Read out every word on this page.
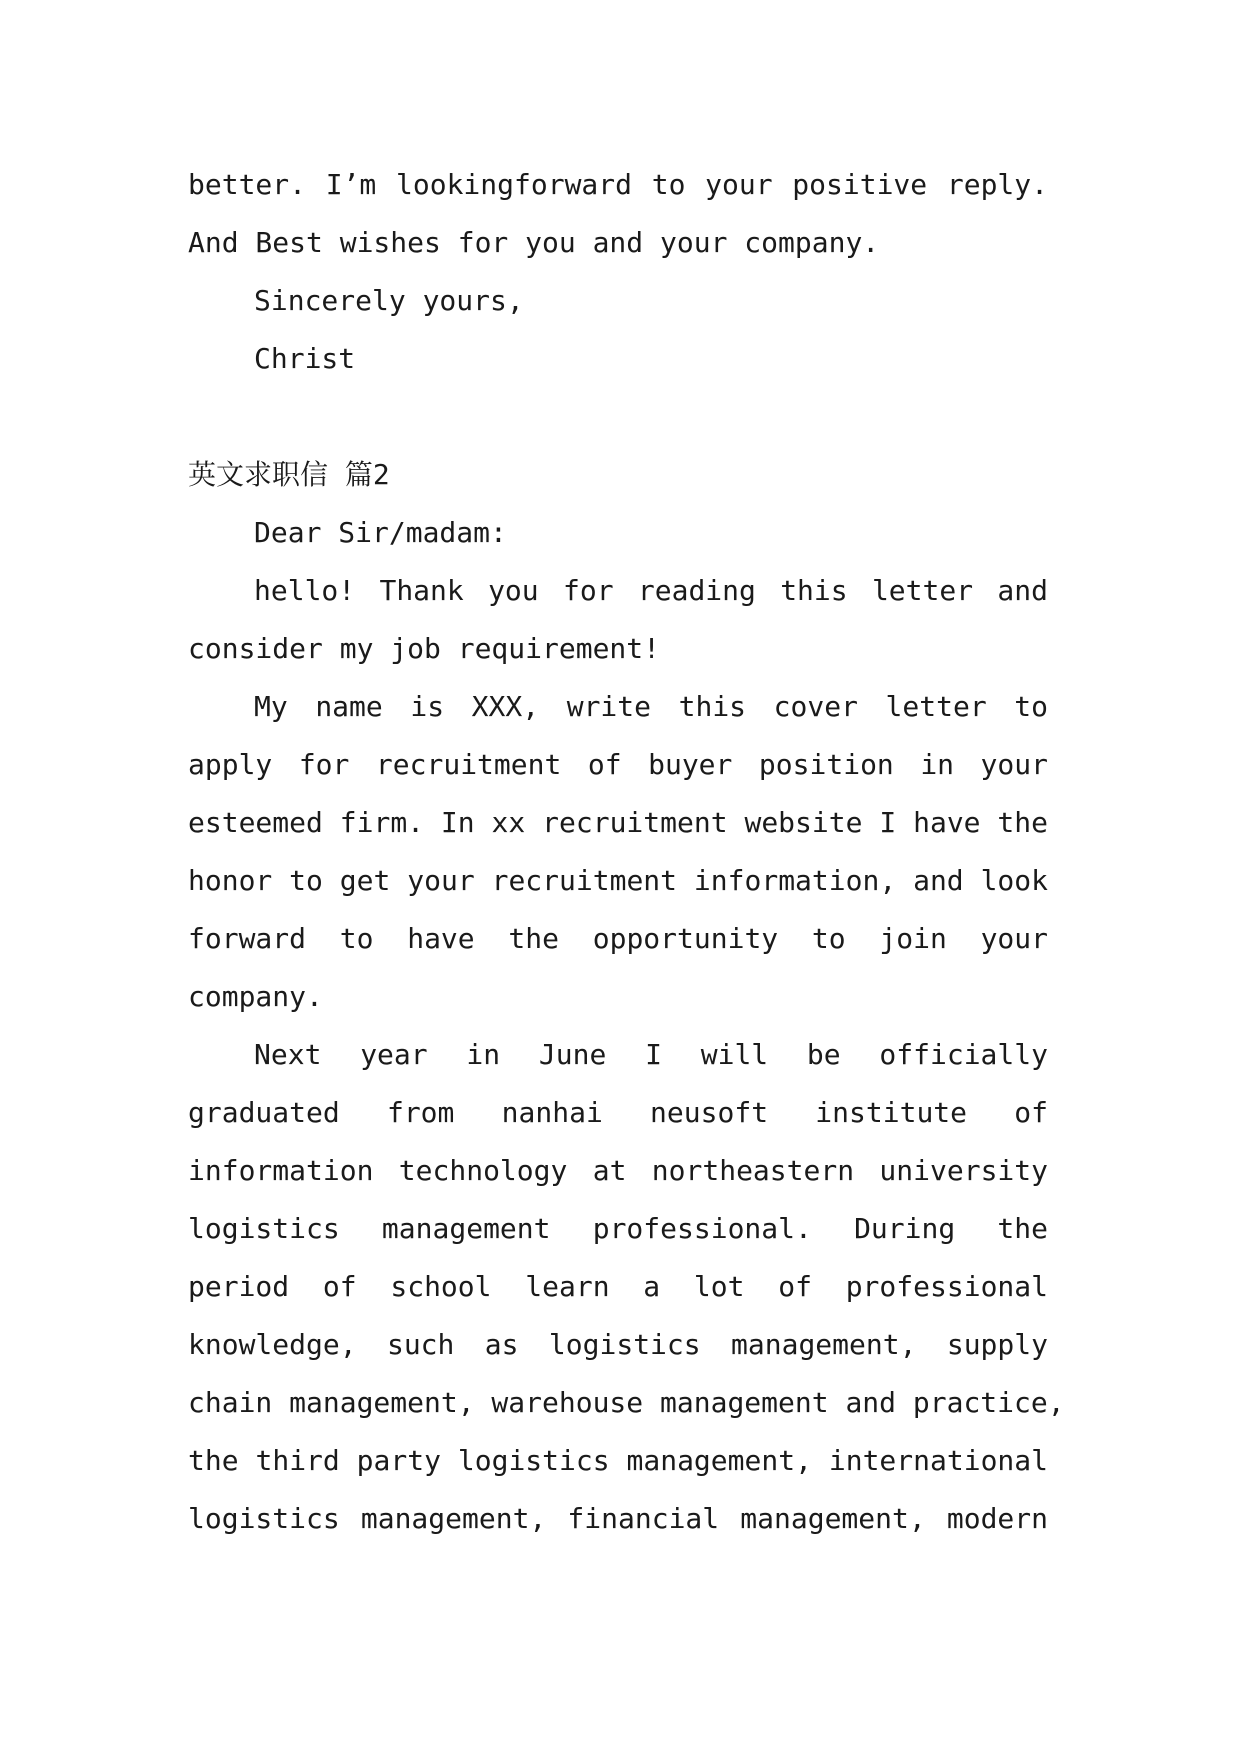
better. I’m lookingforward to your positive reply.
And Best wishes for you and your company.

Sincerely yours,

Christ

英文求职信 篇2

Dear Sir/madam:

hello! Thank you for reading this letter and
consider my job requirement!

My name is XXX, write this cover letter to
apply for recruitment of buyer position in your
esteemed firm. In xx recruitment website I have the
honor to get your recruitment information, and look
forward to have the opportunity to join your
company.

Next year in June I will be officially
graduated from nanhai neusoft institute of
information technology at northeastern university
logistics management professional. During the
period of school learn a lot of professional
knowledge, such as logistics management, supply
chain management, warehouse management and practice,
the third party logistics management, international
logistics management, financial management, modern
